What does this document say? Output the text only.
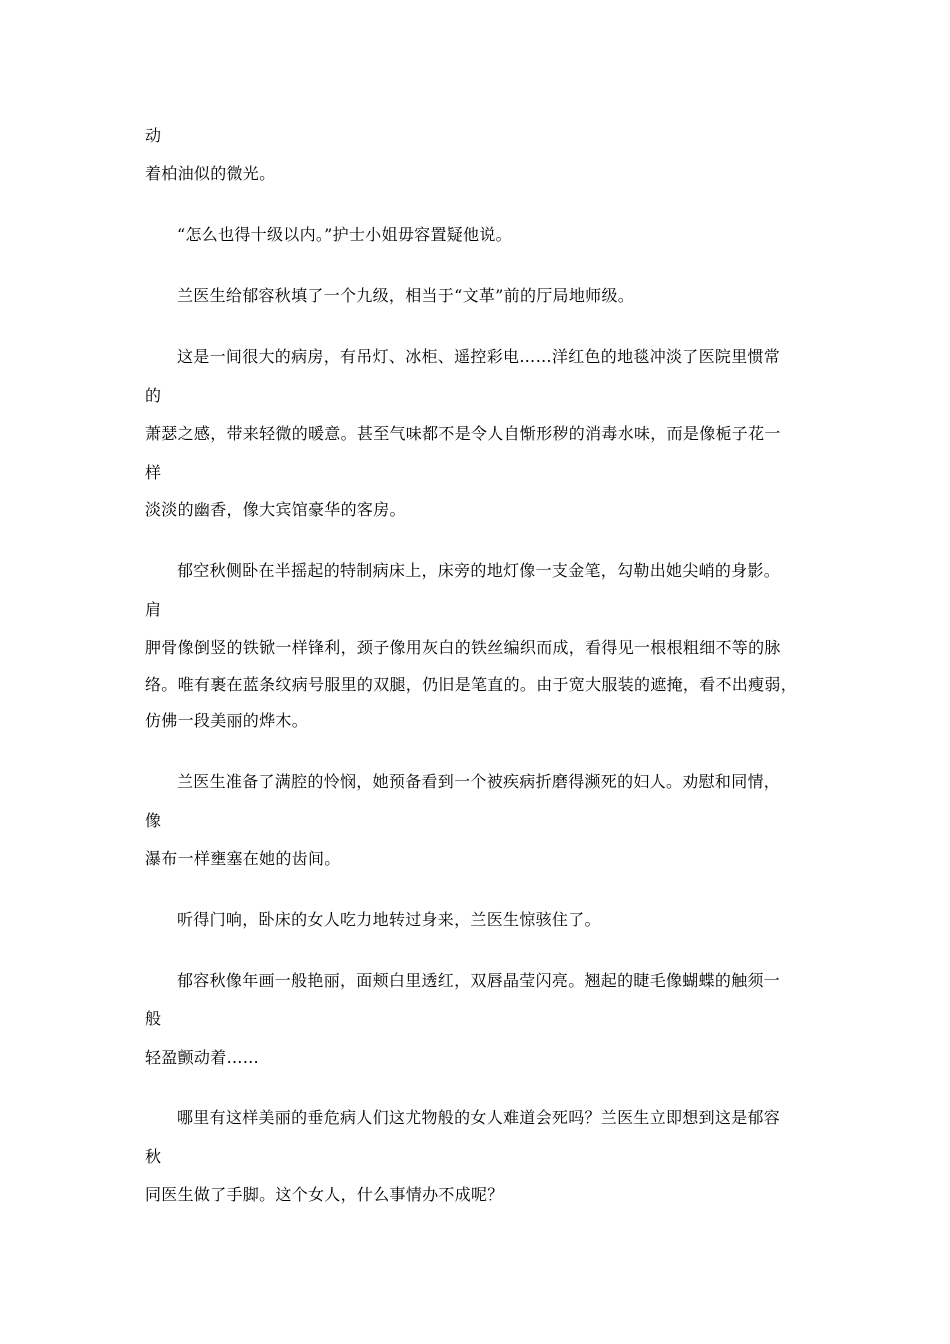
动
着柏油似的微光。
“怎么也得十级以内。”护士小姐毋容置疑他说。
兰医生给郁容秋填了一个九级，相当于“文革”前的厅局地师级。
这是一间很大的病房，有吊灯、冰柜、遥控彩电……洋红色的地毯冲淡了医院里惯常
的
萧瑟之感，带来轻微的暖意。甚至气味都不是令人自惭形秽的消毒水味，而是像栀子花一
样
淡淡的幽香，像大宾馆豪华的客房。
郁空秋侧卧在半摇起的特制病床上，床旁的地灯像一支金笔，勾勒出她尖峭的身影。
肩
胛骨像倒竖的铁锨一样锋利，颈子像用灰白的铁丝编织而成，看得见一根根粗细不等的脉
络。唯有裹在蓝条纹病号服里的双腿，仍旧是笔直的。由于宽大服装的遮掩，看不出瘦弱，
仿佛一段美丽的烨木。
兰医生准备了满腔的怜悯，她预备看到一个被疾病折磨得濒死的妇人。劝慰和同情，
像
瀑布一样壅塞在她的齿间。
听得门响，卧床的女人吃力地转过身来，兰医生惊骇住了。
郁容秋像年画一般艳丽，面颊白里透红，双唇晶莹闪亮。翘起的睫毛像蝴蝶的触须一
般
轻盈颤动着……
哪里有这样美丽的垂危病人们这尤物般的女人难道会死吗？兰医生立即想到这是郁容
秋
同医生做了手脚。这个女人，什么事情办不成呢？
